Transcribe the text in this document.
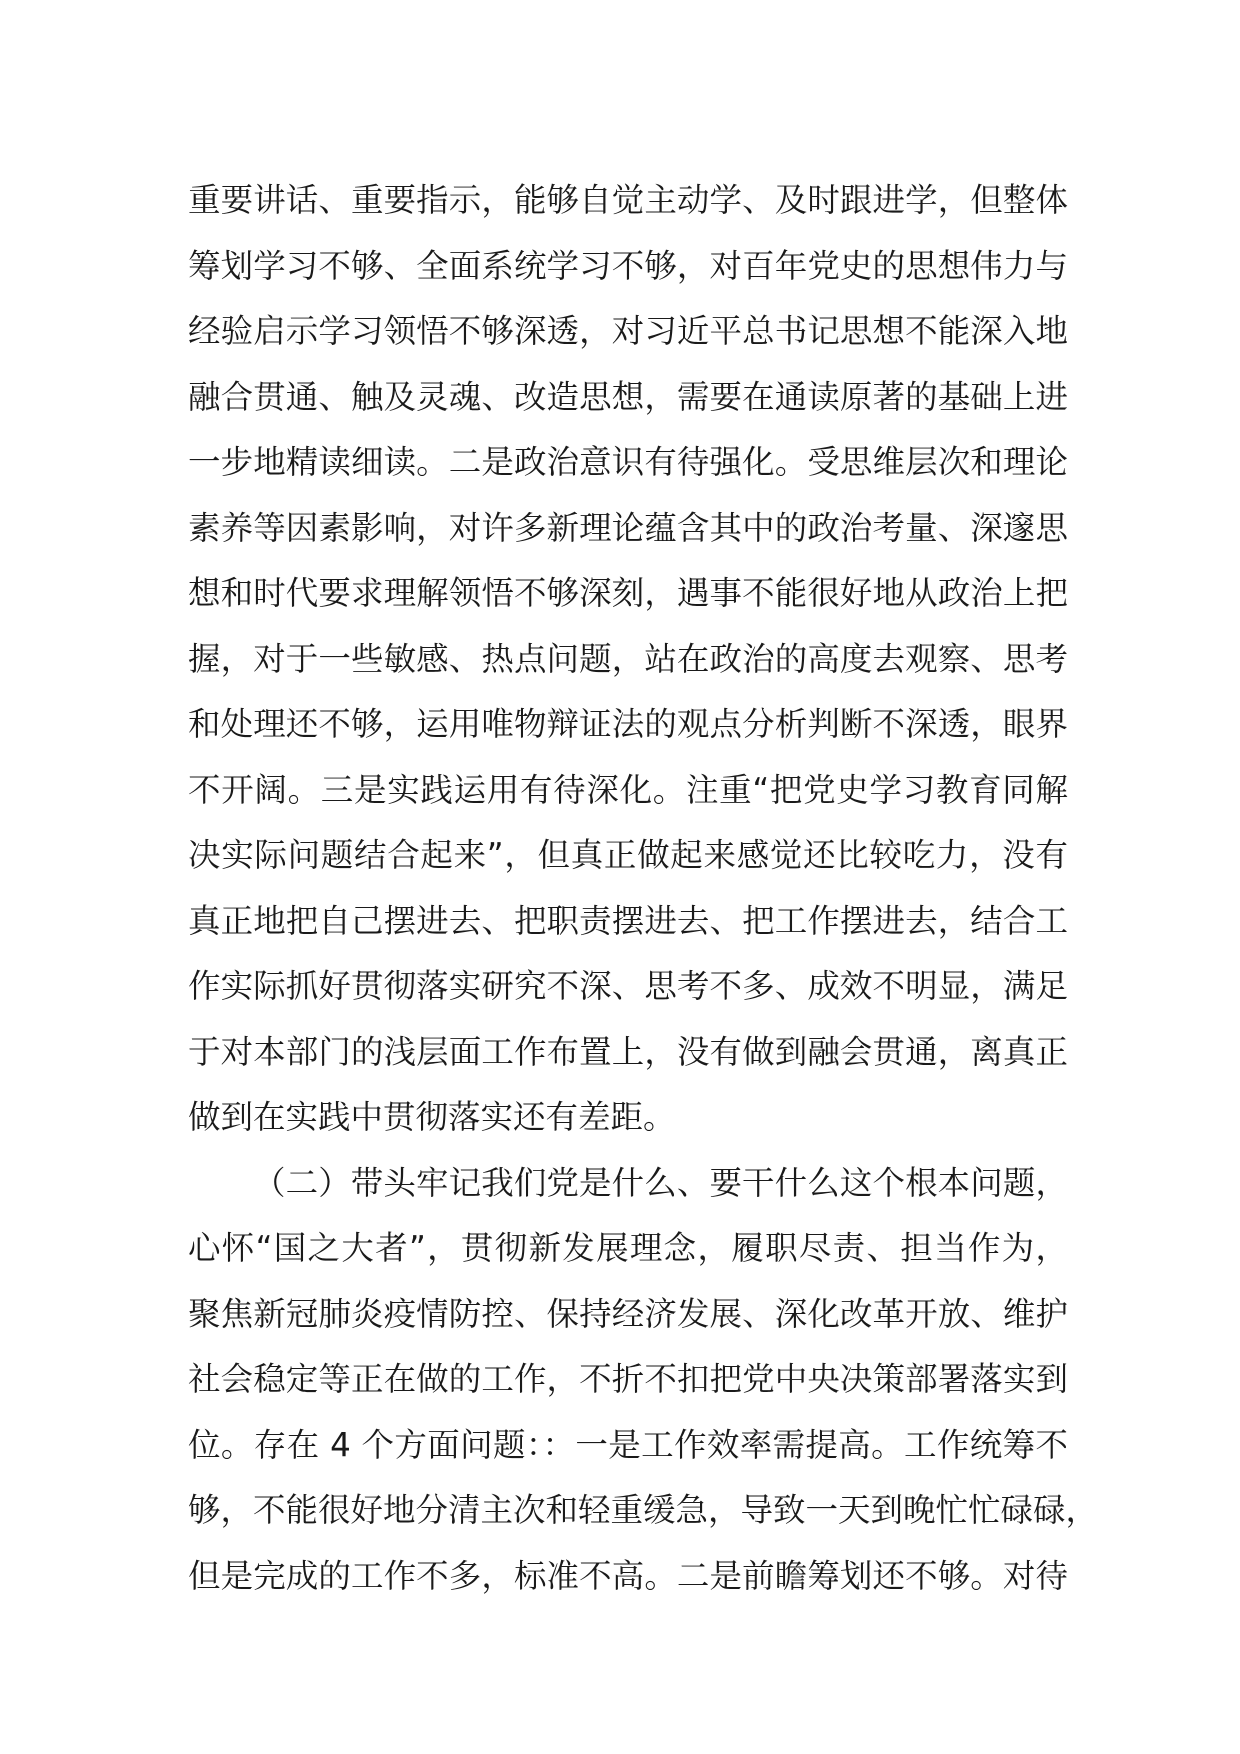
重要讲话、重要指示，能够自觉主动学、及时跟进学，但整体
筹划学习不够、全面系统学习不够，对百年党史的思想伟力与
经验启示学习领悟不够深透，对习近平总书记思想不能深入地
融合贯通、触及灵魂、改造思想，需要在通读原著的基础上进
一步地精读细读。二是政治意识有待强化。受思维层次和理论
素养等因素影响，对许多新理论蕴含其中的政治考量、深邃思
想和时代要求理解领悟不够深刻，遇事不能很好地从政治上把
握，对于一些敏感、热点问题，站在政治的高度去观察、思考
和处理还不够，运用唯物辩证法的观点分析判断不深透，眼界
不开阔。三是实践运用有待深化。注重“把党史学习教育同解
决实际问题结合起来”，但真正做起来感觉还比较吃力，没有
真正地把自己摆进去、把职责摆进去、把工作摆进去，结合工
作实际抓好贯彻落实研究不深、思考不多、成效不明显，满足
于对本部门的浅层面工作布置上，没有做到融会贯通，离真正
做到在实践中贯彻落实还有差距。
（二）带头牢记我们党是什么、要干什么这个根本问题，
心怀“国之大者”，贯彻新发展理念，履职尽责、担当作为，
聚焦新冠肺炎疫情防控、保持经济发展、深化改革开放、维护
社会稳定等正在做的工作，不折不扣把党中央决策部署落实到
位。存在 4 个方面问题：：一是工作效率需提高。工作统筹不
够，不能很好地分清主次和轻重缓急，导致一天到晚忙忙碌碌，
但是完成的工作不多，标准不高。二是前瞻筹划还不够。对待
